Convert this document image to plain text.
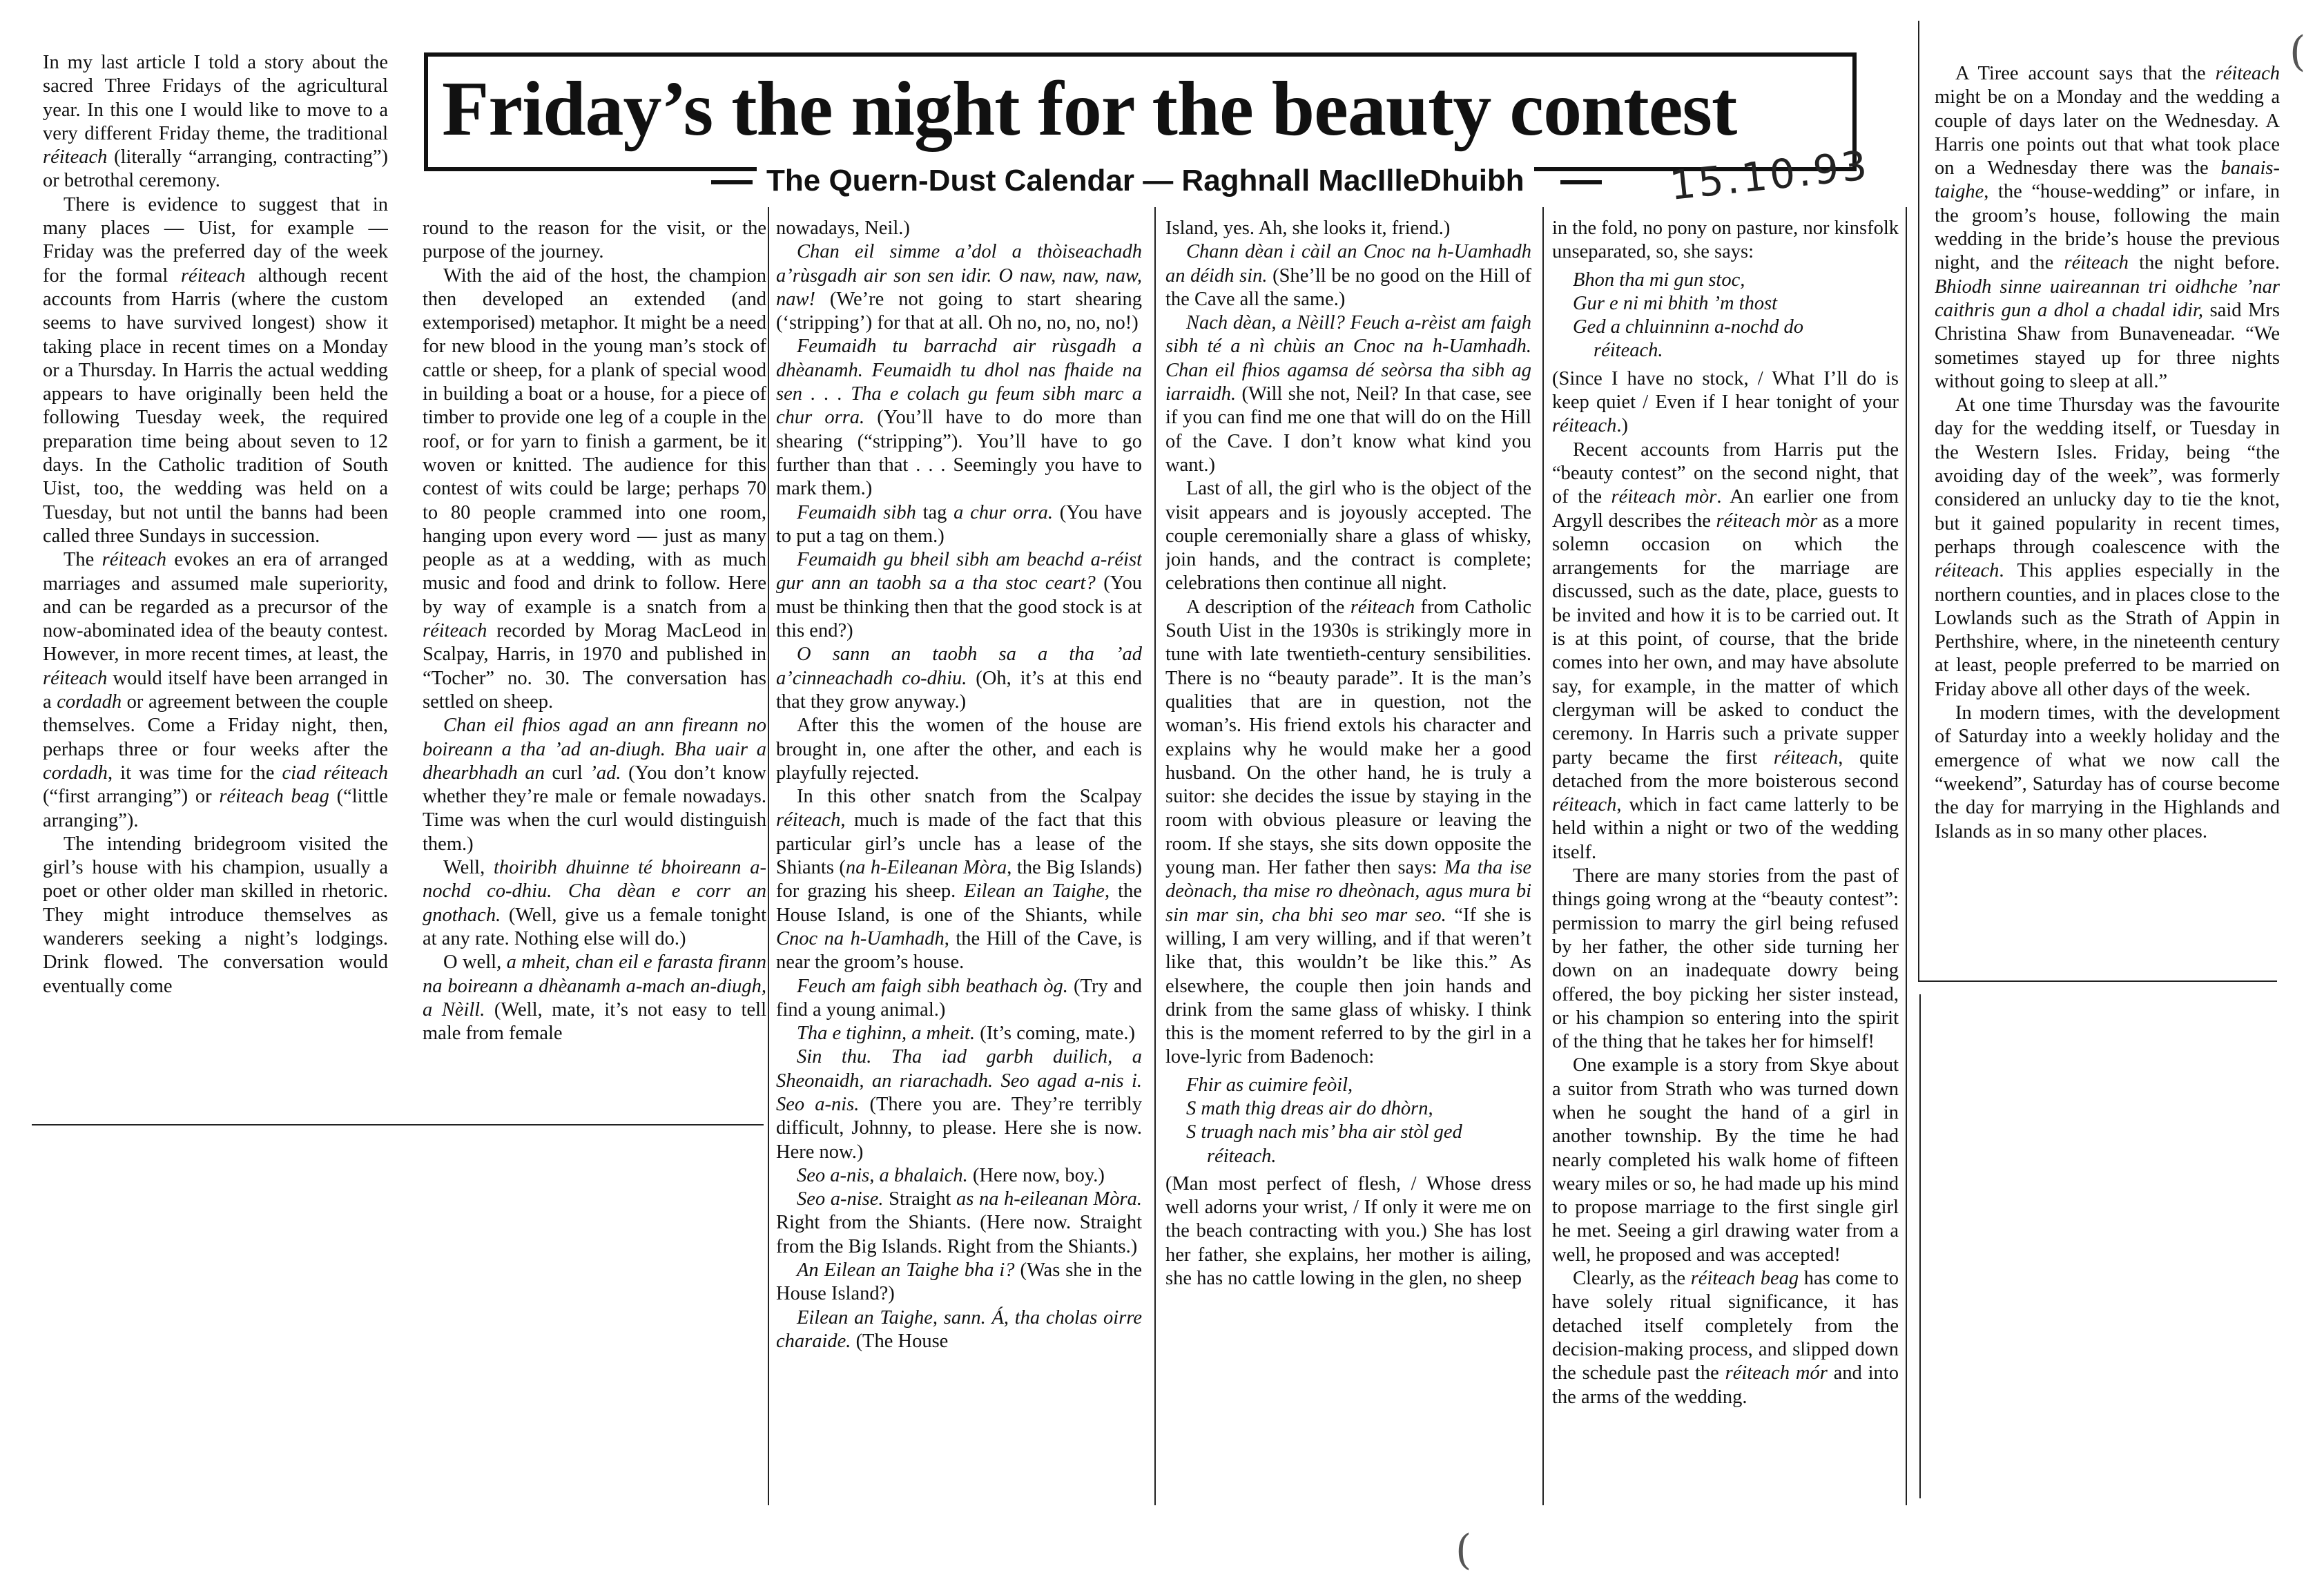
Friday’s the night for the beauty contest
The Quern-Dust Calendar — Raghnall MacIlleDhuibh	15.10.93
(
(

In my last article I told a story about the sacred Three Fridays of the agricultural year. In this one I would like to move to a very different Friday theme, the traditional réiteach (literally “arranging, contracting”) or betrothal ceremony.

There is evidence to suggest that in many places — Uist, for example — Friday was the preferred day of the week for the formal réiteach although recent accounts from Harris (where the custom seems to have survived longest) show it taking place in recent times on a Monday or a Thursday. In Harris the actual wedding appears to have originally been held the following Tuesday week, the required preparation time being about seven to 12 days. In the Catholic tradition of South Uist, too, the wedding was held on a Tuesday, but not until the banns had been called three Sundays in succession.

The réiteach evokes an era of arranged marriages and assumed male superiority, and can be regarded as a precursor of the now-abominated idea of the beauty contest. However, in more recent times, at least, the réiteach would itself have been arranged in a cordadh or agreement between the couple themselves. Come a Friday night, then, perhaps three or four weeks after the cordadh, it was time for the ciad réiteach (“first arranging”) or réiteach beag (“little arranging”).

The intending bridegroom visited the girl’s house with his champion, usually a poet or other older man skilled in rhetoric. They might introduce themselves as wanderers seeking a night’s lodgings. Drink flowed. The conversation would eventually come

round to the reason for the visit, or the purpose of the journey.

With the aid of the host, the champion then developed an extended (and extemporised) metaphor. It might be a need for new blood in the young man’s stock of cattle or sheep, for a plank of special wood in building a boat or a house, for a piece of timber to provide one leg of a couple in the roof, or for yarn to finish a garment, be it woven or knitted. The audience for this contest of wits could be large; perhaps 70 to 80 people crammed into one room, hanging upon every word — just as many people as at a wedding, with as much music and food and drink to follow. Here by way of example is a snatch from a réiteach recorded by Morag MacLeod in Scalpay, Harris, in 1970 and published in “Tocher” no. 30. The conversation has settled on sheep.

Chan eil fhios agad an ann fireann no boireann a tha ’ad an-diugh. Bha uair a dhearbhadh an curl ’ad. (You don’t know whether they’re male or female nowadays. Time was when the curl would distinguish them.)

Well, thoiribh dhuinne té bhoireann a-nochd co-dhiu. Cha dèan e corr an gnothach. (Well, give us a female tonight at any rate. Nothing else will do.)

O well, a mheit, chan eil e farasta firann na boireann a dhèanamh a-mach an-diugh, a Nèill. (Well, mate, it’s not easy to tell male from female

nowadays, Neil.)

Chan eil simme a’dol a thòiseachadh a’rùsgadh air son sen idir. O naw, naw, naw, naw! (We’re not going to start shearing (‘stripping’) for that at all. Oh no, no, no, no!)

Feumaidh tu barrachd air rùsgadh a dhèanamh. Feumaidh tu dhol nas fhaide na sen . . . Tha e colach gu feum sibh marc a chur orra. (You’ll have to do more than shearing (“stripping”). You’ll have to go further than that . . . Seemingly you have to mark them.)

Feumaidh sibh tag a chur orra. (You have to put a tag on them.)

Feumaidh gu bheil sibh am beachd a-réist gur ann an taobh sa a tha stoc ceart? (You must be thinking then that the good stock is at this end?)

O sann an taobh sa a tha ’ad a’cinneachadh co-dhiu. (Oh, it’s at this end that they grow anyway.)

After this the women of the house are brought in, one after the other, and each is playfully rejected.

In this other snatch from the Scalpay réiteach, much is made of the fact that this particular girl’s uncle has a lease of the Shiants (na h-Eileanan Mòra, the Big Islands) for grazing his sheep. Eilean an Taighe, the House Island, is one of the Shiants, while Cnoc na h-Uamhadh, the Hill of the Cave, is near the groom’s house.

Feuch am faigh sibh beathach òg. (Try and find a young animal.)

Tha e tighinn, a mheit. (It’s coming, mate.)

Sin thu. Tha iad garbh duilich, a Sheonaidh, an riarachadh. Seo agad a-nis i. Seo a-nis. (There you are. They’re terribly difficult, Johnny, to please. Here she is now. Here now.)

Seo a-nis, a bhalaich. (Here now, boy.)

Seo a-nise. Straight as na h-eileanan Mòra. Right from the Shiants. (Here now. Straight from the Big Islands. Right from the Shiants.)

An Eilean an Taighe bha i? (Was she in the House Island?)

Eilean an Taighe, sann. Á, tha cholas oirre charaide. (The House

Island, yes. Ah, she looks it, friend.)

Chann dèan i càil an Cnoc na h-Uamhadh an déidh sin. (She’ll be no good on the Hill of the Cave all the same.)

Nach dèan, a Nèill? Feuch a-rèist am faigh sibh té a nì chùis an Cnoc na h-Uamhadh. Chan eil fhios agamsa dé seòrsa tha sibh ag iarraidh. (Will she not, Neil? In that case, see if you can find me one that will do on the Hill of the Cave. I don’t know what kind you want.)

Last of all, the girl who is the object of the visit appears and is joyously accepted. The couple ceremonially share a glass of whisky, join hands, and the contract is complete; celebrations then continue all night.

A description of the réiteach from Catholic South Uist in the 1930s is strikingly more in tune with late twentieth-century sensibilities. There is no “beauty parade”. It is the man’s qualities that are in question, not the woman’s. His friend extols his character and explains why he would make her a good husband. On the other hand, he is truly a suitor: she decides the issue by staying in the room with obvious pleasure or leaving the room. If she stays, she sits down opposite the young man. Her father then says: Ma tha ise deònach, tha mise ro dheònach, agus mura bi sin mar sin, cha bhi seo mar seo. “If she is willing, I am very willing, and if that weren’t like that, this wouldn’t be like this.” As elsewhere, the couple then join hands and drink from the same glass of whisky. I think this is the moment referred to by the girl in a love-lyric from Badenoch:

Fhir as cuimire feòil,
S math thig dreas air do dhòrn,
S truagh nach mis’ bha air stòl ged
réiteach.

(Man most perfect of flesh, / Whose dress well adorns your wrist, / If only it were me on the beach contracting with you.) She has lost her father, she explains, her mother is ailing, she has no cattle lowing in the glen, no sheep

in the fold, no pony on pasture, nor kinsfolk unseparated, so, she says:

Bhon tha mi gun stoc,
Gur e ni mi bhith ’m thost
Ged a chluinninn a-nochd do
réiteach.

(Since I have no stock, / What I’ll do is keep quiet / Even if I hear tonight of your réiteach.)

Recent accounts from Harris put the “beauty contest” on the second night, that of the réiteach mòr. An earlier one from Argyll describes the réiteach mòr as a more solemn occasion on which the arrangements for the marriage are discussed, such as the date, place, guests to be invited and how it is to be carried out. It is at this point, of course, that the bride comes into her own, and may have absolute say, for example, in the matter of which clergyman will be asked to conduct the ceremony. In Harris such a private supper party became the first réiteach, quite detached from the more boisterous second réiteach, which in fact came latterly to be held within a night or two of the wedding itself.

There are many stories from the past of things going wrong at the “beauty contest”: permission to marry the girl being refused by her father, the other side turning her down on an inadequate dowry being offered, the boy picking her sister instead, or his champion so entering into the spirit of the thing that he takes her for himself!

One example is a story from Skye about a suitor from Strath who was turned down when he sought the hand of a girl in another township. By the time he had nearly completed his walk home of fifteen weary miles or so, he had made up his mind to propose marriage to the first single girl he met. Seeing a girl drawing water from a well, he proposed and was accepted!

Clearly, as the réiteach beag has come to have solely ritual significance, it has detached itself completely from the decision-making process, and slipped down the schedule past the réiteach mór and into the arms of the wedding.

A Tiree account says that the réiteach might be on a Monday and the wedding a couple of days later on the Wednesday. A Harris one points out that what took place on a Wednesday there was the banais-taighe, the “house-wedding” or infare, in the groom’s house, following the main wedding in the bride’s house the previous night, and the réiteach the night before. Bhiodh sinne uaireannan tri oidhche ’nar caithris gun a dhol a chadal idir, said Mrs Christina Shaw from Bunaveneadar. “We sometimes stayed up for three nights without going to sleep at all.”

At one time Thursday was the favourite day for the wedding itself, or Tuesday in the Western Isles. Friday, being “the avoiding day of the week”, was formerly considered an unlucky day to tie the knot, but it gained popularity in recent times, perhaps through coalescence with the réiteach. This applies especially in the northern counties, and in places close to the Lowlands such as the Strath of Appin in Perthshire, where, in the nineteenth century at least, people preferred to be married on Friday above all other days of the week.

In modern times, with the development of Saturday into a weekly holiday and the emergence of what we now call the “weekend”, Saturday has of course become the day for marrying in the Highlands and Islands as in so many other places.
